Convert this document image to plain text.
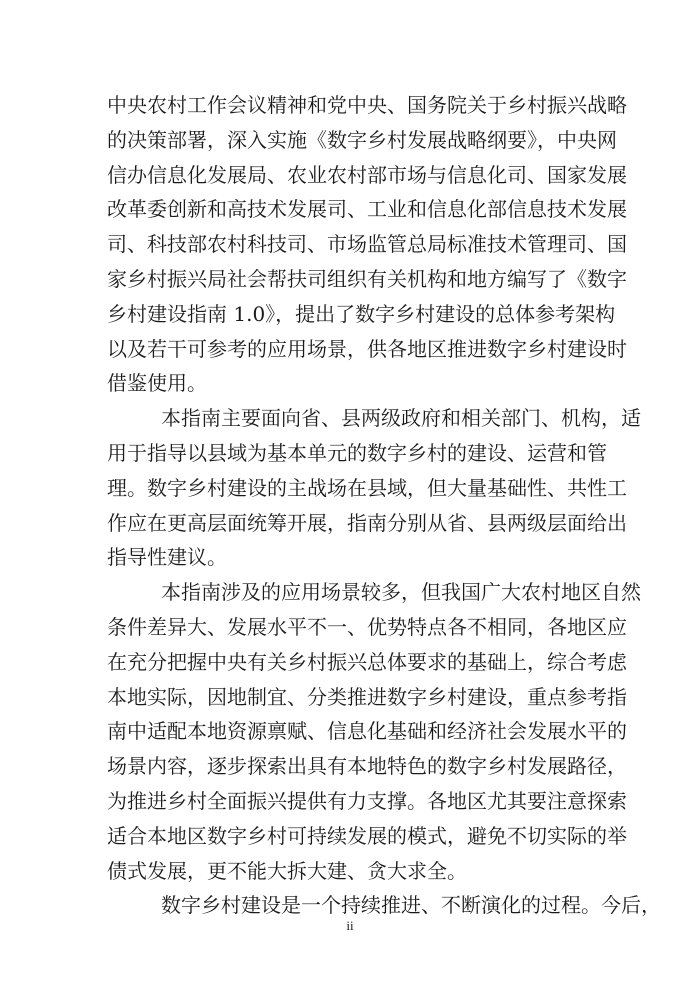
中央农村工作会议精神和党中央、国务院关于乡村振兴战略
的决策部署，深入实施《数字乡村发展战略纲要》，中央网
信办信息化发展局、农业农村部市场与信息化司、国家发展
改革委创新和高技术发展司、工业和信息化部信息技术发展
司、科技部农村科技司、市场监管总局标准技术管理司、国
家乡村振兴局社会帮扶司组织有关机构和地方编写了《数字
乡村建设指南 1.0》，提出了数字乡村建设的总体参考架构
以及若干可参考的应用场景，供各地区推进数字乡村建设时
借鉴使用。
本指南主要面向省、县两级政府和相关部门、机构，适
用于指导以县域为基本单元的数字乡村的建设、运营和管
理。数字乡村建设的主战场在县域，但大量基础性、共性工
作应在更高层面统筹开展，指南分别从省、县两级层面给出
指导性建议。
本指南涉及的应用场景较多，但我国广大农村地区自然
条件差异大、发展水平不一、优势特点各不相同，各地区应
在充分把握中央有关乡村振兴总体要求的基础上，综合考虑
本地实际，因地制宜、分类推进数字乡村建设，重点参考指
南中适配本地资源禀赋、信息化基础和经济社会发展水平的
场景内容，逐步探索出具有本地特色的数字乡村发展路径，
为推进乡村全面振兴提供有力支撑。各地区尤其要注意探索
适合本地区数字乡村可持续发展的模式，避免不切实际的举
债式发展，更不能大拆大建、贪大求全。
数字乡村建设是一个持续推进、不断演化的过程。今后，
ii
